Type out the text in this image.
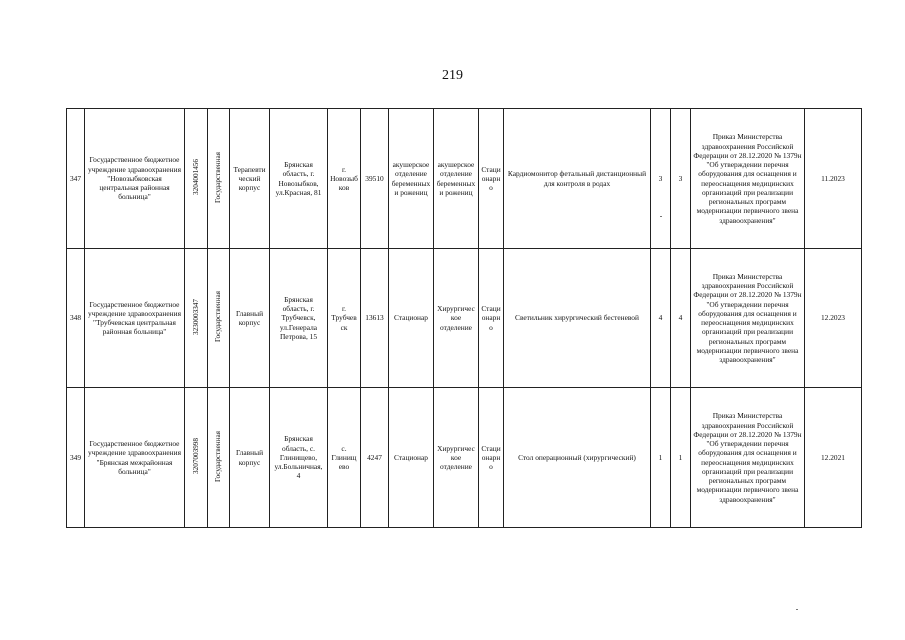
219
347	Государственное бюджетное учреждение здравоохранения "Новозыбковская центральная районная больница"	3204001456	Государственная	Терапевтический корпус	Брянская область, г. Новозыбков, ул.Красная, 81	г. Новозыбков	39510	акушерское отделение беременных и рожениц	акушерское отделение беременных и рожениц	Стационарно	Кардиомонитор фетальный дистанционный для контроля в родах	3	3	Приказ Министерства здравоохранения Российской Федерации от 28.12.2020 № 1379н "Об утверждении перечня оборудования для оснащения и переоснащения медицинских организаций при реализации региональных программ модернизации первичного звена здравоохранения"	11.2023
348	Государственное бюджетное учреждение здравоохранения "Трубчевская центральная районная больница"	3230003347	Государственная	Главный корпус	Брянская область, г. Трубчевск, ул.Генерала Петрова, 15	г. Трубчевск	13613	Стационар	Хирургическое отделение	Стационарно	Светильник хирургический бестеневой	4	4	Приказ Министерства здравоохранения Российской Федерации от 28.12.2020 № 1379н "Об утверждении перечня оборудования для оснащения и переоснащения медицинских организаций при реализации региональных программ модернизации первичного звена здравоохранения"	12.2023
349	Государственное бюджетное учреждение здравоохранения "Брянская межрайонная больница"	3207003998	Государственная	Главный корпус	Брянская область, с. Глинищево, ул.Больничная, 4	с. Глинищево	4247	Стационар	Хирургическое отделение	Стационарно	Стол операционный (хирургический)	1	1	Приказ Министерства здравоохранения Российской Федерации от 28.12.2020 № 1379н "Об утверждении перечня оборудования для оснащения и переоснащения медицинских организаций при реализации региональных программ модернизации первичного звена здравоохранения"	12.2021
